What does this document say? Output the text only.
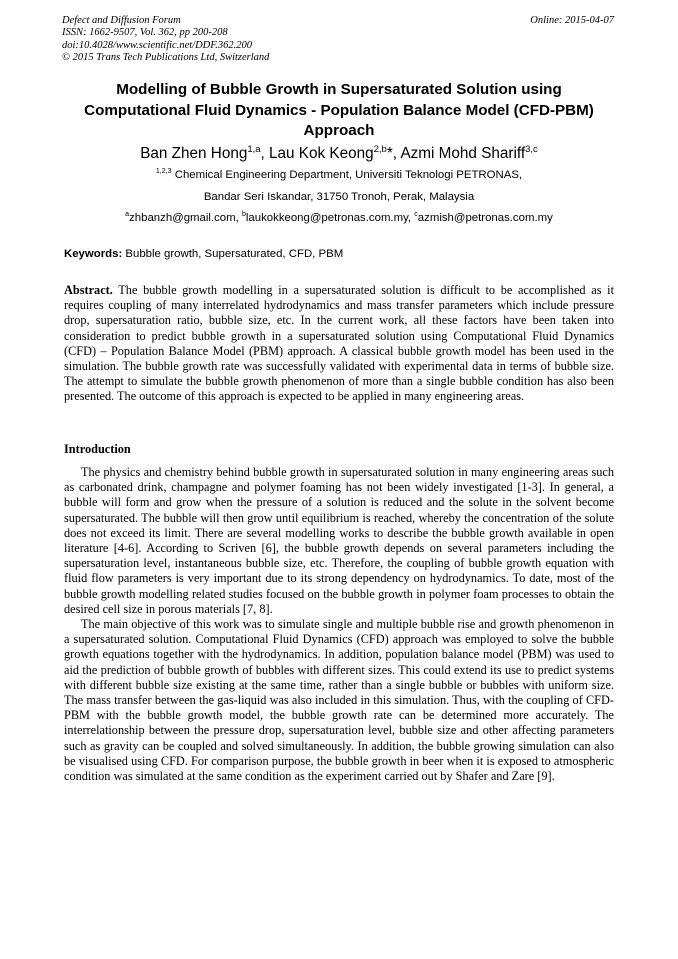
Defect and Diffusion Forum
ISSN: 1662-9507, Vol. 362, pp 200-208
doi:10.4028/www.scientific.net/DDF.362.200
© 2015 Trans Tech Publications Ltd, Switzerland
Online: 2015-04-07
Modelling of Bubble Growth in Supersaturated Solution using
Computational Fluid Dynamics - Population Balance Model (CFD-PBM)
Approach
Ban Zhen Hong$^{1,a}$, Lau Kok Keong$^{2,b}$*, Azmi Mohd Shariff$^{3,c}$
$^{1,2,3}$ Chemical Engineering Department, Universiti Teknologi PETRONAS,
Bandar Seri Iskandar, 31750 Tronoh, Perak, Malaysia
$^a$zhbanzh@gmail.com, $^b$laukokkeong@petronas.com.my, $^c$azmish@petronas.com.my
Keywords: Bubble growth, Supersaturated, CFD, PBM

Abstract. The bubble growth modelling in a supersaturated solution is difficult to be accomplished as it requires coupling of many interrelated hydrodynamics and mass transfer parameters which include pressure drop, supersaturation ratio, bubble size, etc. In the current work, all these factors have been taken into consideration to predict bubble growth in a supersaturated solution using Computational Fluid Dynamics (CFD) – Population Balance Model (PBM) approach. A classical bubble growth model has been used in the simulation. The bubble growth rate was successfully validated with experimental data in terms of bubble size. The attempt to simulate the bubble growth phenomenon of more than a single bubble condition has also been presented. The outcome of this approach is expected to be applied in many engineering areas.

Introduction

The physics and chemistry behind bubble growth in supersaturated solution in many engineering areas such as carbonated drink, champagne and polymer foaming has not been widely investigated [1-3]. In general, a bubble will form and grow when the pressure of a solution is reduced and the solute in the solvent become supersaturated. The bubble will then grow until equilibrium is reached, whereby the concentration of the solute does not exceed its limit. There are several modelling works to describe the bubble growth available in open literature [4-6]. According to Scriven [6], the bubble growth depends on several parameters including the supersaturation level, instantaneous bubble size, etc. Therefore, the coupling of bubble growth equation with fluid flow parameters is very important due to its strong dependency on hydrodynamics. To date, most of the bubble growth modelling related studies focused on the bubble growth in polymer foam processes to obtain the desired cell size in porous materials [7, 8].

The main objective of this work was to simulate single and multiple bubble rise and growth phenomenon in a supersaturated solution. Computational Fluid Dynamics (CFD) approach was employed to solve the bubble growth equations together with the hydrodynamics. In addition, population balance model (PBM) was used to aid the prediction of bubble growth of bubbles with different sizes. This could extend its use to predict systems with different bubble size existing at the same time, rather than a single bubble or bubbles with uniform size. The mass transfer between the gas-liquid was also included in this simulation. Thus, with the coupling of CFD-PBM with the bubble growth model, the bubble growth rate can be determined more accurately. The interrelationship between the pressure drop, supersaturation level, bubble size and other affecting parameters such as gravity can be coupled and solved simultaneously. In addition, the bubble growing simulation can also be visualised using CFD. For comparison purpose, the bubble growth in beer when it is exposed to atmospheric condition was simulated at the same condition as the experiment carried out by Shafer and Zare [9].
